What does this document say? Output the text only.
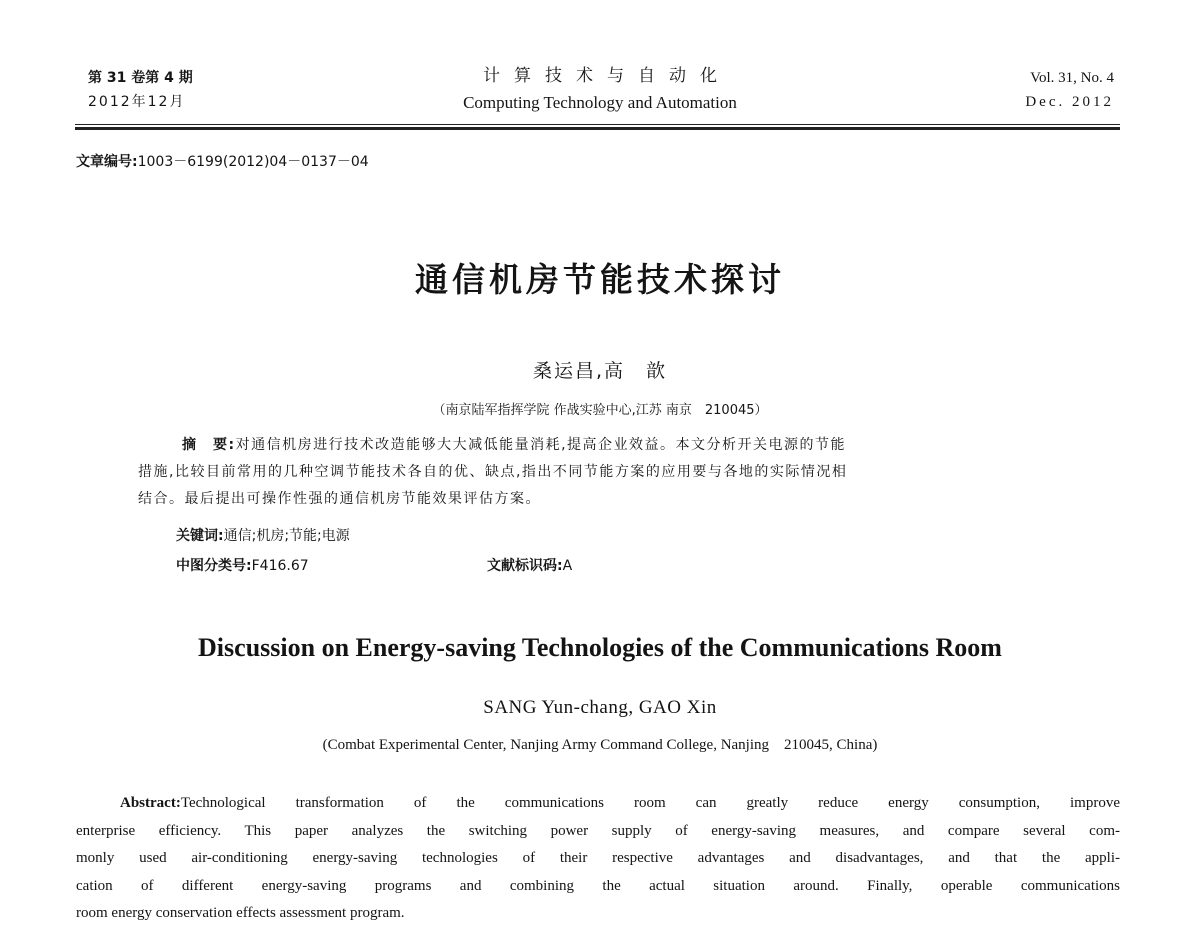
第 31 卷第 4 期
2012年12月
计算技术与自动化
Computing Technology and Automation
Vol. 31, No. 4
Dec. 2012
文章编号:1003－6199(2012)04－0137－04
通信机房节能技术探讨
桑运昌,高　歆
（南京陆军指挥学院 作战实验中心,江苏 南京　210045）
摘　要:对通信机房进行技术改造能够大大减低能量消耗,提高企业效益。本文分析开关电源的节能
措施,比较目前常用的几种空调节能技术各自的优、缺点,指出不同节能方案的应用要与各地的实际情况相
结合。最后提出可操作性强的通信机房节能效果评估方案。
关键词:通信;机房;节能;电源
中图分类号:F416.67	文献标识码:A
Discussion on Energy-saving Technologies of the Communications Room
SANG Yun-chang, GAO Xin
(Combat Experimental Center, Nanjing Army Command College, Nanjing　210045, China)
Abstract:Technological transformation of the communications room can greatly reduce energy consumption, improve
enterprise efficiency. This paper analyzes the switching power supply of energy-saving measures, and compare several com-
monly used air-conditioning energy-saving technologies of their respective advantages and disadvantages, and that the appli-
cation of different energy-saving programs and combining the actual situation around. Finally, operable communications
room energy conservation effects assessment program.
